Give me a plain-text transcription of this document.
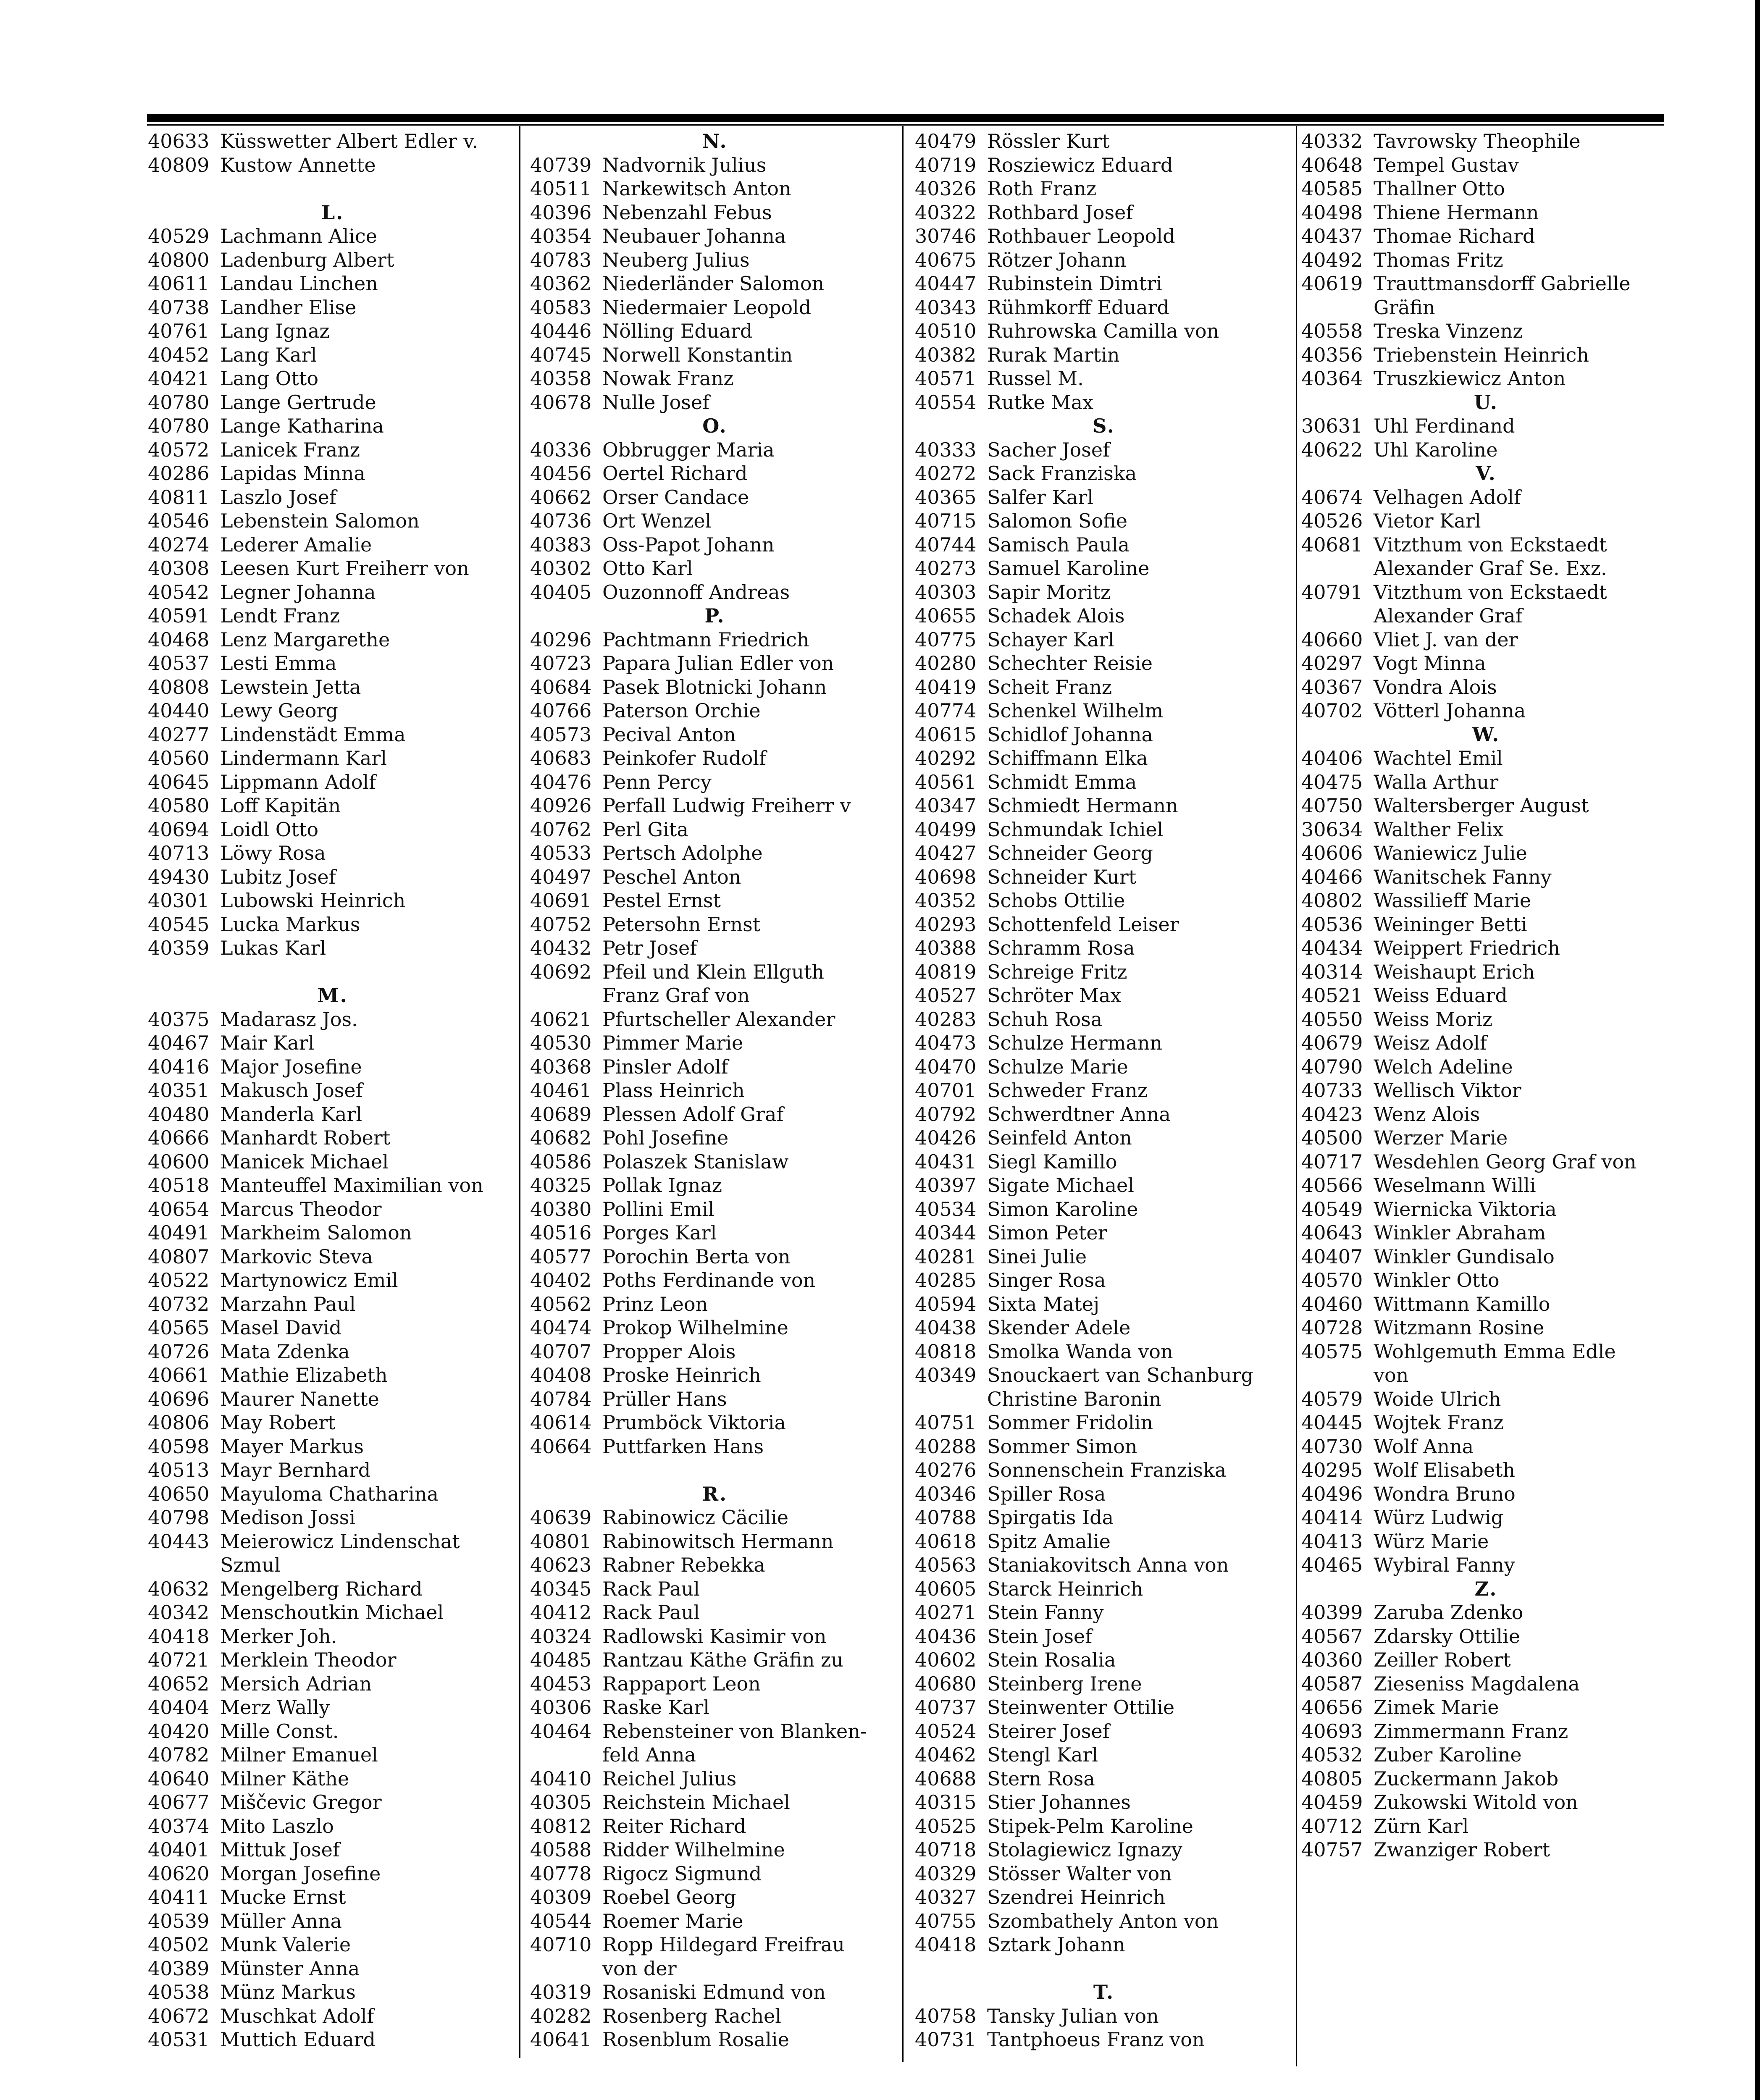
40633 Küsswetter Albert Edler v.
40809 Kustow Annette
L.
40529 Lachmann Alice
40800 Ladenburg Albert
40611 Landau Linchen
40738 Landher Elise
40761 Lang Ignaz
40452 Lang Karl
40421 Lang Otto
40780 Lange Gertrude
40780 Lange Katharina
40572 Lanicek Franz
40286 Lapidas Minna
40811 Laszlo Josef
40546 Lebenstein Salomon
40274 Lederer Amalie
40308 Leesen Kurt Freiherr von
40542 Legner Johanna
40591 Lendt Franz
40468 Lenz Margarethe
40537 Lesti Emma
40808 Lewstein Jetta
40440 Lewy Georg
40277 Lindenstädt Emma
40560 Lindermann Karl
40645 Lippmann Adolf
40580 Loff Kapitän
40694 Loidl Otto
40713 Löwy Rosa
49430 Lubitz Josef
40301 Lubowski Heinrich
40545 Lucka Markus
40359 Lukas Karl
M.
40375 Madarasz Jos.
40467 Mair Karl
40416 Major Josefine
40351 Makusch Josef
40480 Manderla Karl
40666 Manhardt Robert
40600 Manicek Michael
40518 Manteuffel Maximilian von
40654 Marcus Theodor
40491 Markheim Salomon
40807 Markovic Steva
40522 Martynowicz Emil
40732 Marzahn Paul
40565 Masel David
40726 Mata Zdenka
40661 Mathie Elizabeth
40696 Maurer Nanette
40806 May Robert
40598 Mayer Markus
40513 Mayr Bernhard
40650 Mayuloma Chatharina
40798 Medison Jossi
40443 Meierowicz Lindenschat
Szmul
40632 Mengelberg Richard
40342 Menschoutkin Michael
40418 Merker Joh.
40721 Merklein Theodor
40652 Mersich Adrian
40404 Merz Wally
40420 Mille Const.
40782 Milner Emanuel
40640 Milner Käthe
40677 Miščevic Gregor
40374 Mito Laszlo
40401 Mittuk Josef
40620 Morgan Josefine
40411 Mucke Ernst
40539 Müller Anna
40502 Munk Valerie
40389 Münster Anna
40538 Münz Markus
40672 Muschkat Adolf
40531 Muttich Eduard
N.
40739 Nadvornik Julius
40511 Narkewitsch Anton
40396 Nebenzahl Febus
40354 Neubauer Johanna
40783 Neuberg Julius
40362 Niederländer Salomon
40583 Niedermaier Leopold
40446 Nölling Eduard
40745 Norwell Konstantin
40358 Nowak Franz
40678 Nulle Josef
O.
40336 Obbrugger Maria
40456 Oertel Richard
40662 Orser Candace
40736 Ort Wenzel
40383 Oss-Papot Johann
40302 Otto Karl
40405 Ouzonnoff Andreas
P.
40296 Pachtmann Friedrich
40723 Papara Julian Edler von
40684 Pasek Blotnicki Johann
40766 Paterson Orchie
40573 Pecival Anton
40683 Peinkofer Rudolf
40476 Penn Percy
40926 Perfall Ludwig Freiherr v
40762 Perl Gita
40533 Pertsch Adolphe
40497 Peschel Anton
40691 Pestel Ernst
40752 Petersohn Ernst
40432 Petr Josef
40692 Pfeil und Klein Ellguth
Franz Graf von
40621 Pfurtscheller Alexander
40530 Pimmer Marie
40368 Pinsler Adolf
40461 Plass Heinrich
40689 Plessen Adolf Graf
40682 Pohl Josefine
40586 Polaszek Stanislaw
40325 Pollak Ignaz
40380 Pollini Emil
40516 Porges Karl
40577 Porochin Berta von
40402 Poths Ferdinande von
40562 Prinz Leon
40474 Prokop Wilhelmine
40707 Propper Alois
40408 Proske Heinrich
40784 Prüller Hans
40614 Prumböck Viktoria
40664 Puttfarken Hans
R.
40639 Rabinowicz Cäcilie
40801 Rabinowitsch Hermann
40623 Rabner Rebekka
40345 Rack Paul
40412 Rack Paul
40324 Radlowski Kasimir von
40485 Rantzau Käthe Gräfin zu
40453 Rappaport Leon
40306 Raske Karl
40464 Rebensteiner von Blanken-
feld Anna
40410 Reichel Julius
40305 Reichstein Michael
40812 Reiter Richard
40588 Ridder Wilhelmine
40778 Rigocz Sigmund
40309 Roebel Georg
40544 Roemer Marie
40710 Ropp Hildegard Freifrau
von der
40319 Rosaniski Edmund von
40282 Rosenberg Rachel
40641 Rosenblum Rosalie
40479 Rössler Kurt
40719 Rosziewicz Eduard
40326 Roth Franz
40322 Rothbard Josef
30746 Rothbauer Leopold
40675 Rötzer Johann
40447 Rubinstein Dimtri
40343 Rühmkorff Eduard
40510 Ruhrowska Camilla von
40382 Rurak Martin
40571 Russel M.
40554 Rutke Max
S.
40333 Sacher Josef
40272 Sack Franziska
40365 Salfer Karl
40715 Salomon Sofie
40744 Samisch Paula
40273 Samuel Karoline
40303 Sapir Moritz
40655 Schadek Alois
40775 Schayer Karl
40280 Schechter Reisie
40419 Scheit Franz
40774 Schenkel Wilhelm
40615 Schidlof Johanna
40292 Schiffmann Elka
40561 Schmidt Emma
40347 Schmiedt Hermann
40499 Schmundak Ichiel
40427 Schneider Georg
40698 Schneider Kurt
40352 Schobs Ottilie
40293 Schottenfeld Leiser
40388 Schramm Rosa
40819 Schreige Fritz
40527 Schröter Max
40283 Schuh Rosa
40473 Schulze Hermann
40470 Schulze Marie
40701 Schweder Franz
40792 Schwerdtner Anna
40426 Seinfeld Anton
40431 Siegl Kamillo
40397 Sigate Michael
40534 Simon Karoline
40344 Simon Peter
40281 Sinei Julie
40285 Singer Rosa
40594 Sixta Matej
40438 Skender Adele
40818 Smolka Wanda von
40349 Snouckaert van Schanburg
Christine Baronin
40751 Sommer Fridolin
40288 Sommer Simon
40276 Sonnenschein Franziska
40346 Spiller Rosa
40788 Spirgatis Ida
40618 Spitz Amalie
40563 Staniakovitsch Anna von
40605 Starck Heinrich
40271 Stein Fanny
40436 Stein Josef
40602 Stein Rosalia
40680 Steinberg Irene
40737 Steinwenter Ottilie
40524 Steirer Josef
40462 Stengl Karl
40688 Stern Rosa
40315 Stier Johannes
40525 Stipek-Pelm Karoline
40718 Stolagiewicz Ignazy
40329 Stösser Walter von
40327 Szendrei Heinrich
40755 Szombathely Anton von
40418 Sztark Johann
T.
40758 Tansky Julian von
40731 Tantphoeus Franz von
40332 Tavrowsky Theophile
40648 Tempel Gustav
40585 Thallner Otto
40498 Thiene Hermann
40437 Thomae Richard
40492 Thomas Fritz
40619 Trauttmansdorff Gabrielle
Gräfin
40558 Treska Vinzenz
40356 Triebenstein Heinrich
40364 Truszkiewicz Anton
U.
30631 Uhl Ferdinand
40622 Uhl Karoline
V.
40674 Velhagen Adolf
40526 Vietor Karl
40681 Vitzthum von Eckstaedt
Alexander Graf Se. Exz.
40791 Vitzthum von Eckstaedt
Alexander Graf
40660 Vliet J. van der
40297 Vogt Minna
40367 Vondra Alois
40702 Vötterl Johanna
W.
40406 Wachtel Emil
40475 Walla Arthur
40750 Waltersberger August
30634 Walther Felix
40606 Waniewicz Julie
40466 Wanitschek Fanny
40802 Wassilieff Marie
40536 Weininger Betti
40434 Weippert Friedrich
40314 Weishaupt Erich
40521 Weiss Eduard
40550 Weiss Moriz
40679 Weisz Adolf
40790 Welch Adeline
40733 Wellisch Viktor
40423 Wenz Alois
40500 Werzer Marie
40717 Wesdehlen Georg Graf von
40566 Weselmann Willi
40549 Wiernicka Viktoria
40643 Winkler Abraham
40407 Winkler Gundisalo
40570 Winkler Otto
40460 Wittmann Kamillo
40728 Witzmann Rosine
40575 Wohlgemuth Emma Edle
von
40579 Woide Ulrich
40445 Wojtek Franz
40730 Wolf Anna
40295 Wolf Elisabeth
40496 Wondra Bruno
40414 Würz Ludwig
40413 Würz Marie
40465 Wybiral Fanny
Z.
40399 Zaruba Zdenko
40567 Zdarsky Ottilie
40360 Zeiller Robert
40587 Zieseniss Magdalena
40656 Zimek Marie
40693 Zimmermann Franz
40532 Zuber Karoline
40805 Zuckermann Jakob
40459 Zukowski Witold von
40712 Zürn Karl
40757 Zwanziger Robert
